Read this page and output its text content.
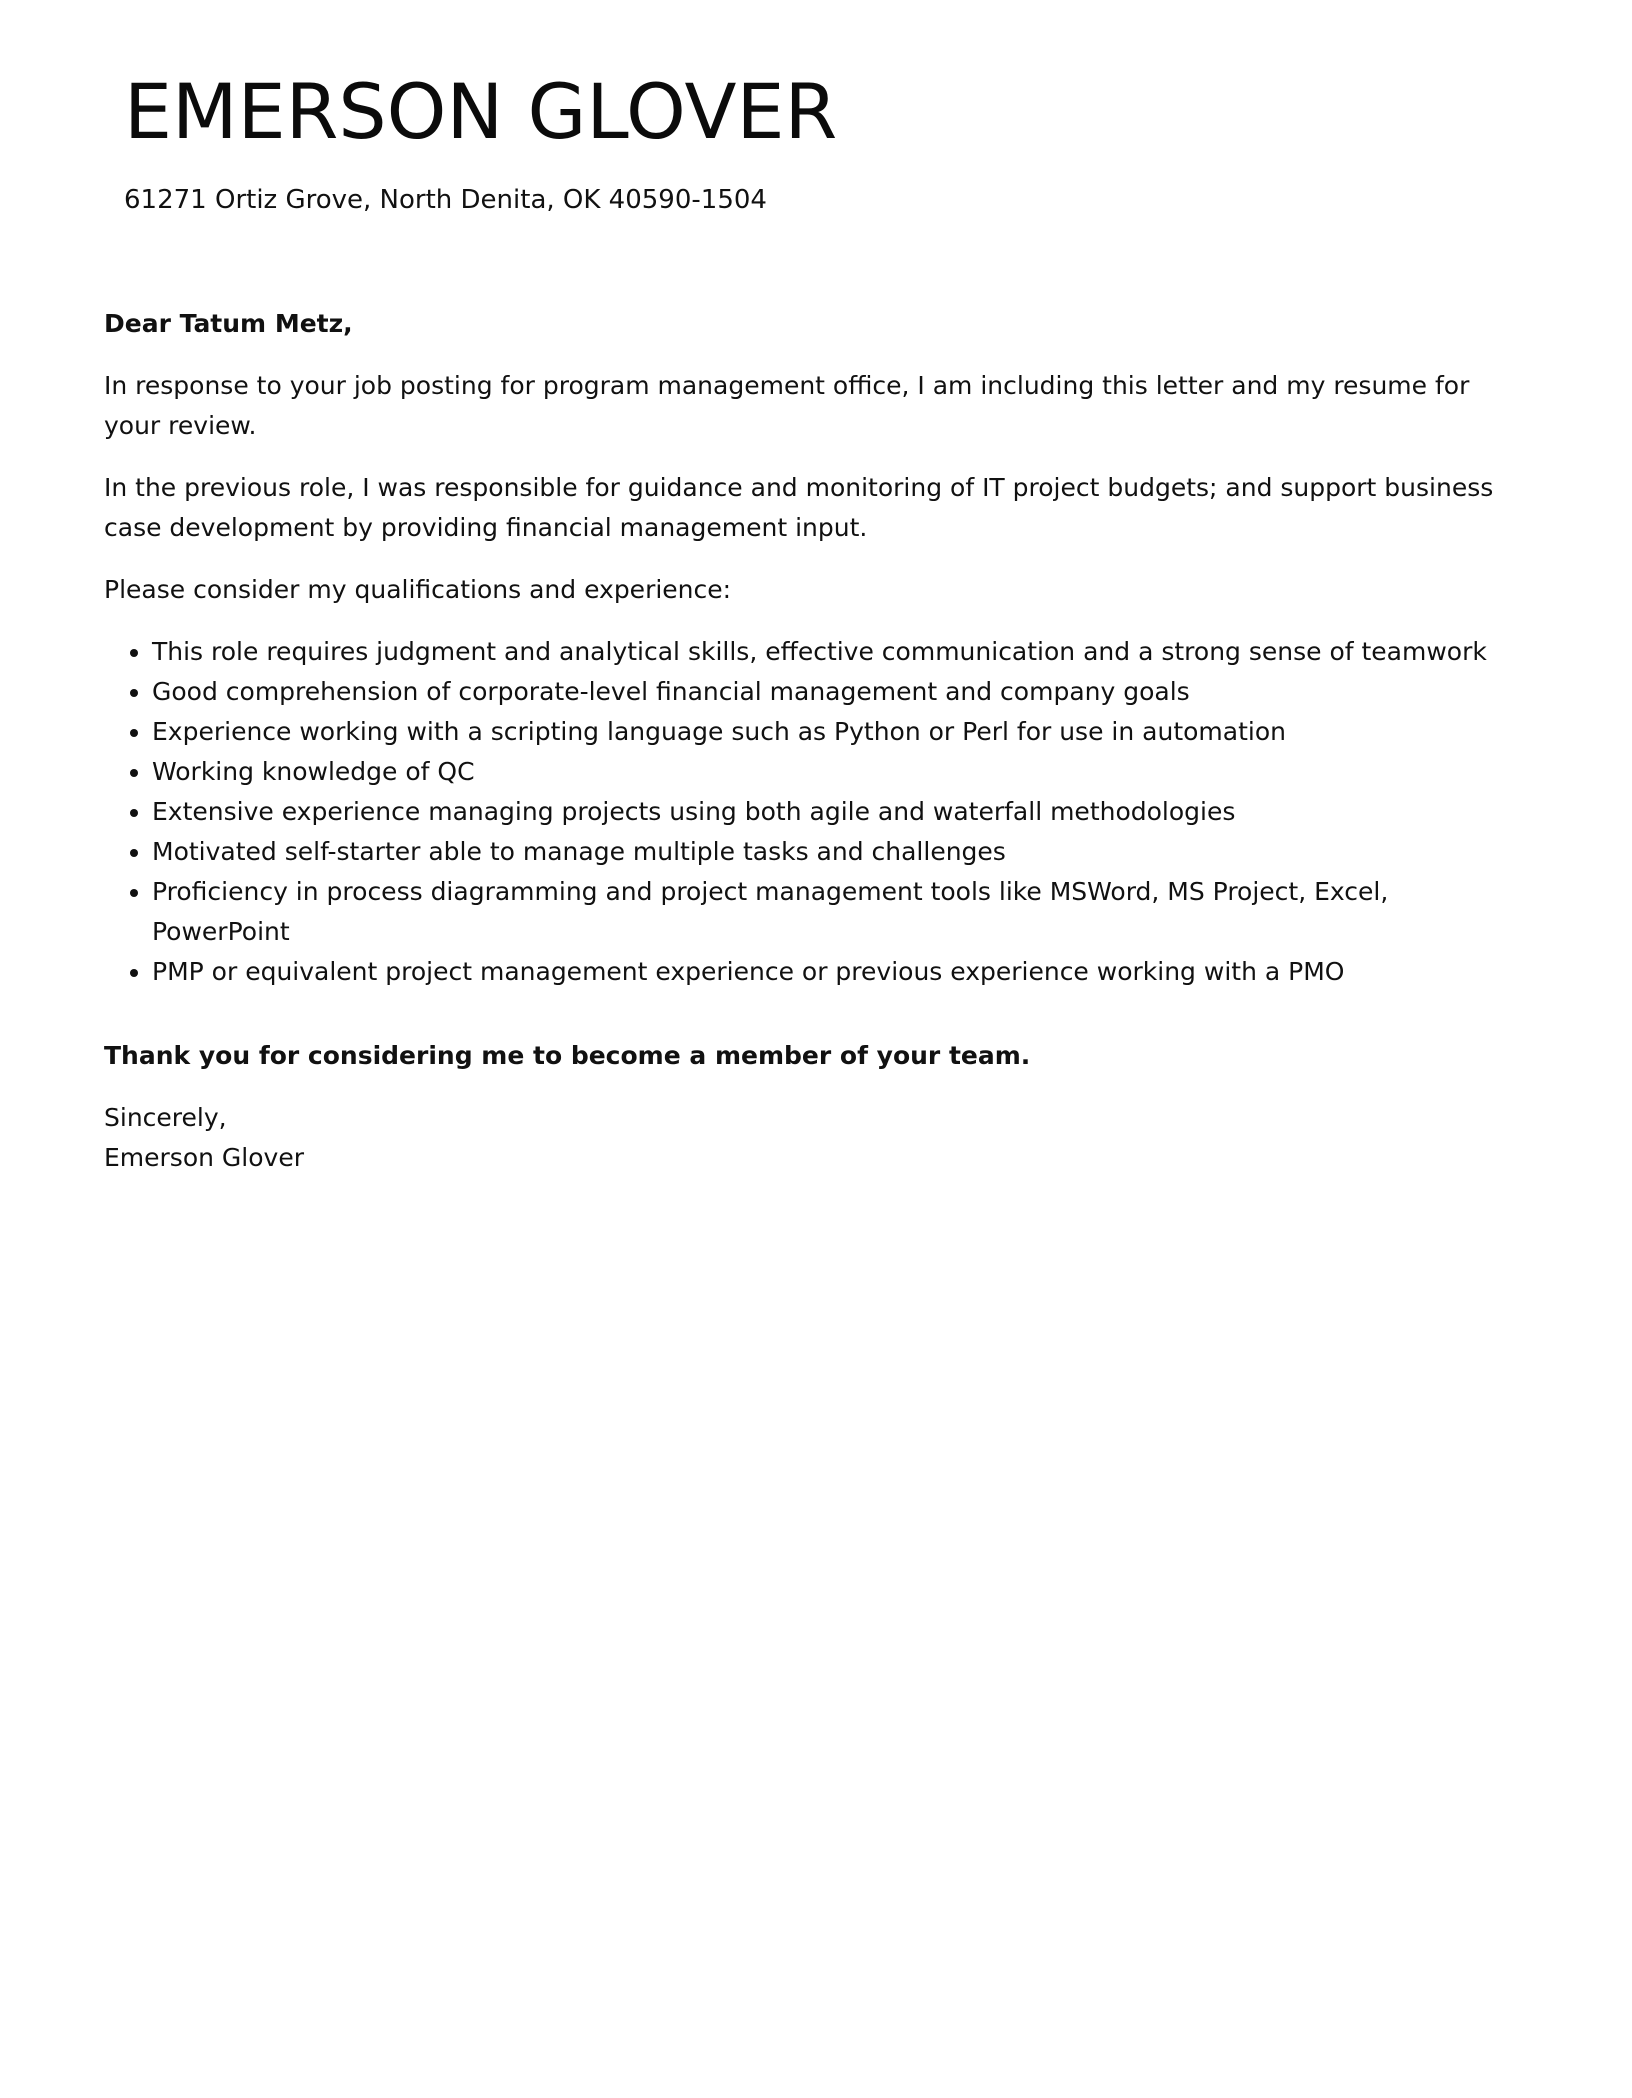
EMERSON GLOVER
61271 Ortiz Grove, North Denita, OK 40590-1504

Dear Tatum Metz,

In response to your job posting for program management office, I am including this letter and my resume for your review.

In the previous role, I was responsible for guidance and monitoring of IT project budgets; and support business case development by providing financial management input.

Please consider my qualifications and experience:

• This role requires judgment and analytical skills, effective communication and a strong sense of teamwork
• Good comprehension of corporate-level financial management and company goals
• Experience working with a scripting language such as Python or Perl for use in automation
• Working knowledge of QC
• Extensive experience managing projects using both agile and waterfall methodologies
• Motivated self-starter able to manage multiple tasks and challenges
• Proficiency in process diagramming and project management tools like MSWord, MS Project, Excel, PowerPoint
• PMP or equivalent project management experience or previous experience working with a PMO

Thank you for considering me to become a member of your team.

Sincerely,

Emerson Glover
